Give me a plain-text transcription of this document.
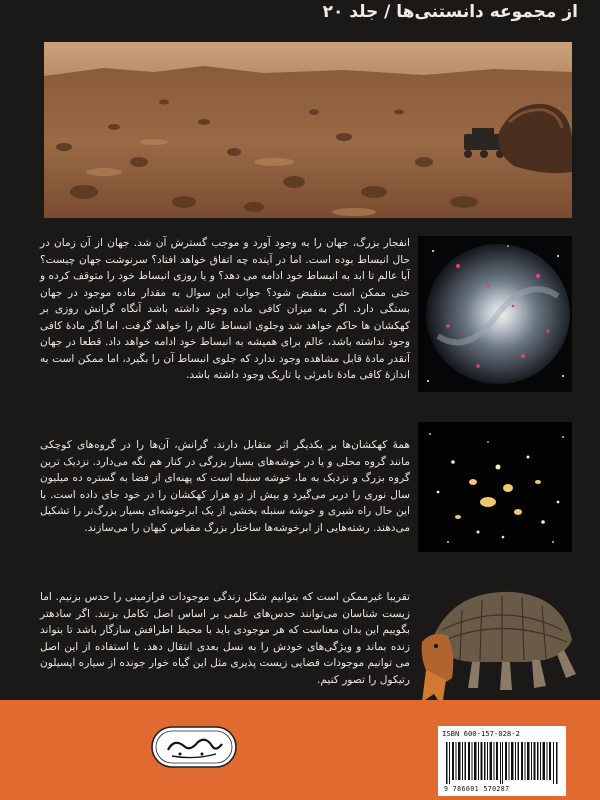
از مجموعه دانستنی‌ها / جلد ۲۰

انفجار بزرگ، جهان را به وجود آورد و موجب گسترش آن شد. جهان از آن زمان در حال انبساط بوده است. اما در آینده چه اتفاق خواهد افتاد؟ سرنوشت جهان چیست؟ آیا عالم تا ابد به انبساط خود ادامه می دهد؟ و یا روزی انبساط خود را متوقف کرده و حتی ممکن است منقبض شود؟ جواب این سوال به مقدار ماده موجود در جهان بستگی دارد. اگر به میزان کافی ماده وجود داشته باشد آنگاه گرانش روزی بر کهکشان ها حاکم خواهد شد وجلوی انبساط عالم را خواهد گرفت. اما اگر مادهٔ کافی وجود نداشته باشد، عالم برای همیشه به انبساط خود ادامه خواهد داد. قطعا در جهان آنقدر مادهٔ قابل مشاهده وجود ندارد که جلوی انبساط آن را بگیرد، اما ممکن است به اندازهٔ کافی مادهٔ نامرئی یا تاریک وجود داشته باشد.

همهٔ کهکشان‌ها بر یکدیگر اثر متقابل دارند. گرانش، آن‌ها را در گروه‌های کوچکی مانند گروه محلی و یا در خوشه‌های بسیار بزرگی در کنار هم نگه می‌دارد. نزدیک ترین گروه بزرگ و نزدیک به ما، خوشه سنبله است که پهنه‌ای از فضا به گستره ده میلیون سال نوری را دربر می‌گیرد و بیش از دو هزار کهکشان را در خود جای داده است. با این حال راه شیری و خوشه سنبله بخشی از یک ابرخوشه‌ای بسیار بزرگ‌تر را تشکیل می‌دهند. رشته‌هایی از ابرخوشه‌ها ساختار بزرگ مقیاس کیهان را می‌سازند.

تقریبا غیرممکن است که بتوانیم شکل زندگی موجودات فرازمینی را حدس بزنیم. اما زیست شناسان می‌توانند حدس‌های علمی بر اساس اصل تکامل بزنند. اگر سادهتر بگوییم این بدان معناست که هر موجودی باید با محیط اطرافش سازگار باشد تا بتواند زنده بماند و ویژگی‌های خودش را به نسل بعدی انتقال دهد. با استفاده از این اصل می توانیم موجودات فضایی زیست پذیری مثل این گیاه خوار جونده از سیاره اپسیلون رتیکول را تصور کنیم.

ISBN 600-157-028-2
9 786001 570287
